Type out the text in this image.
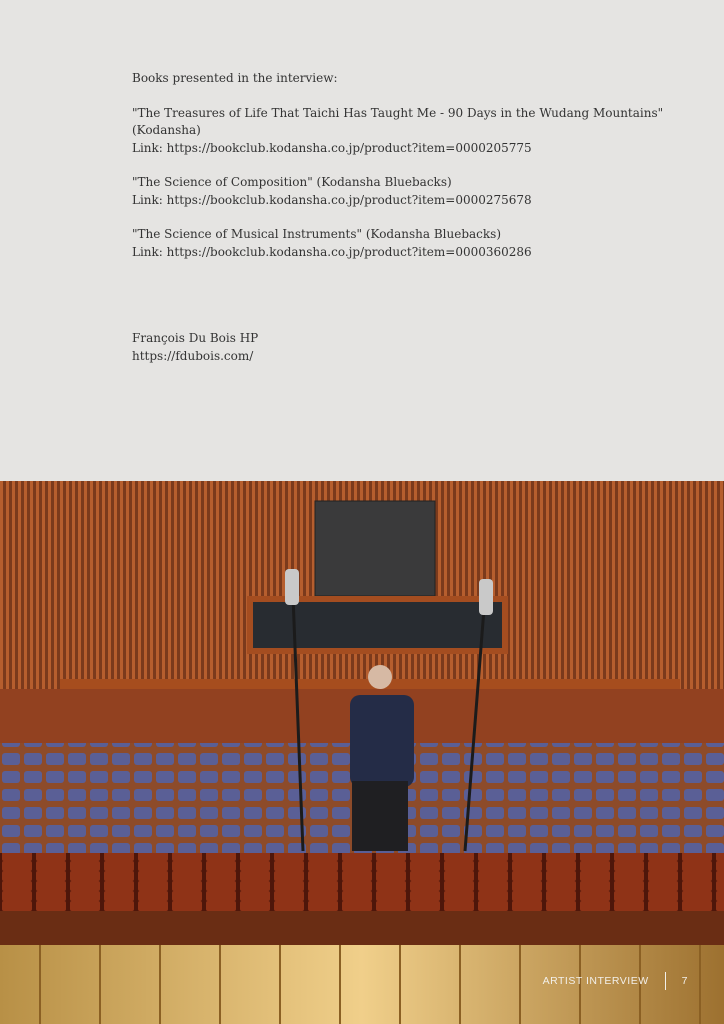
Books presented in the interview:

"The Treasures of Life That Taichi Has Taught Me - 90 Days in the Wudang Mountains"

(Kodansha)

Link: https://bookclub.kodansha.co.jp/product?item=0000205775

"The Science of Composition" (Kodansha Bluebacks)

Link: https://bookclub.kodansha.co.jp/product?item=0000275678

"The Science of Musical Instruments" (Kodansha Bluebacks)

Link: https://bookclub.kodansha.co.jp/product?item=0000360286

François Du Bois HP

https://fdubois.com/

ARTIST INTERVIEW	7
